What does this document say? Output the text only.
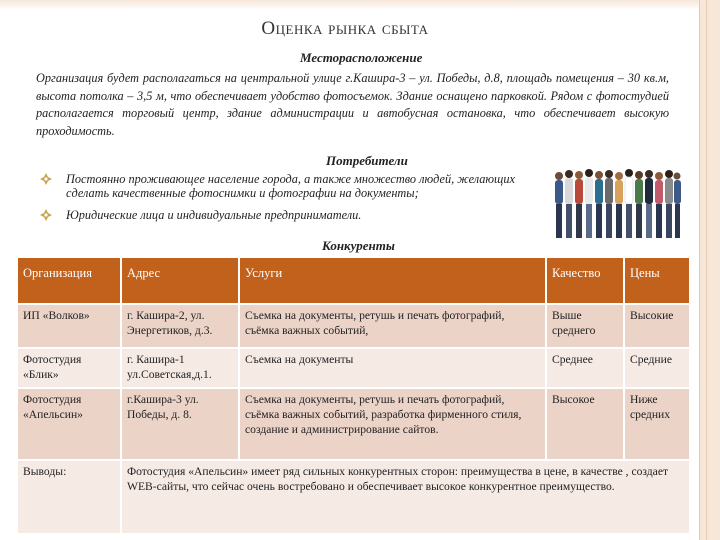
Оценка рынка сбыта
Месторасположение
Организация будет располагаться на центральной улице г.Кашира-3 – ул. Победы, д.8, площадь помещения – 30 кв.м, высота потолка – 3,5 м, что обеспечивает удобство фотосъемок. Здание оснащено парковкой. Рядом с фотостудией располагается торговый центр, здание администрации и автобусная остановка, что обеспечивает высокую проходимость.
Потребители
Постоянно проживающее население города, а также множество людей, желающих сделать качественные фотоснимки и фотографии на документы;
Юридические лица и индивидуальные предприниматели.
Конкуренты
Организация	Адрес	Услуги	Качество	Цены
ИП «Волков»	г. Кашира-2, ул. Энергетиков, д.3.	Съемка на документы, ретушь и печать фотографий, съёмка важных событий,	Выше среднего	Высокие
Фотостудия «Блик»	г. Кашира-1 ул.Советская,д.1.	Съемка на документы	Среднее	Средние
Фотостудия «Апельсин»	г.Кашира-3 ул. Победы, д. 8.	Съемка на документы, ретушь и печать фотографий, съёмка важных событий, разработка фирменного стиля, создание и администрирование сайтов.	Высокое	Ниже средних
Выводы:	Фотостудия «Апельсин» имеет ряд сильных конкурентных сторон: преимущества в цене, в качестве , создает WEB-сайты, что сейчас очень востребовано и обеспечивает высокое конкурентное преимущество.			
